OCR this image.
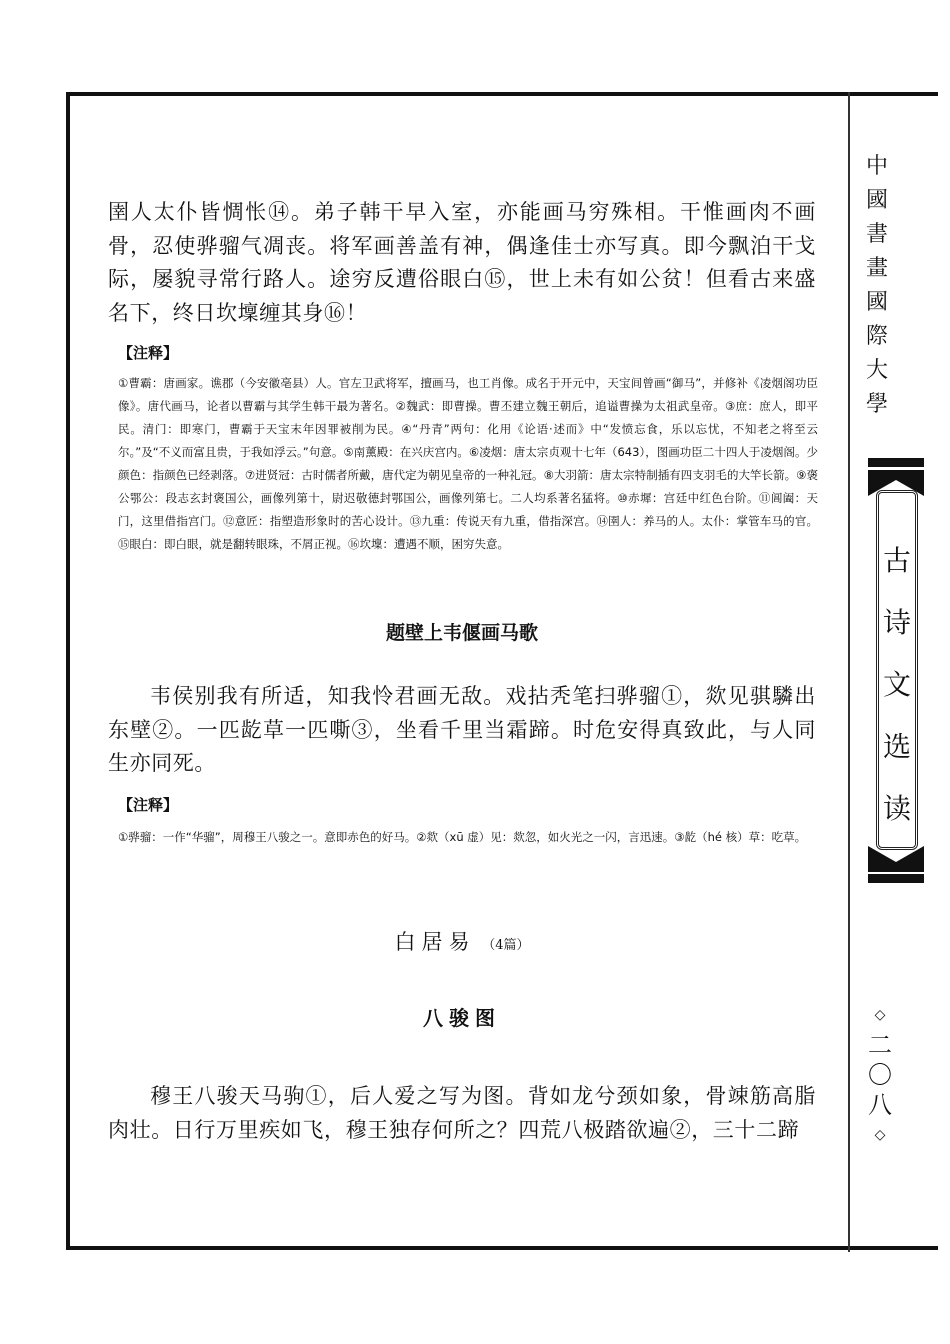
中
國
書
畫
國
際
大
學
古
诗
文
选
读
◇
二
〇
八
◇
圉人太仆皆惆怅⑭。弟子韩干早入室，亦能画马穷殊相。干惟画肉不画骨，忍使骅骝气凋丧。将军画善盖有神，偶逢佳士亦写真。即今飘泊干戈际，屡貌寻常行路人。途穷反遭俗眼白⑮，世上未有如公贫！但看古来盛名下，终日坎壈缠其身⑯！
【注释】
①曹霸：唐画家。谯郡（今安徽亳县）人。官左卫武将军，擅画马，也工肖像。成名于开元中，天宝间曾画“御马”，并修补《凌烟阁功臣像》。唐代画马，论者以曹霸与其学生韩干最为著名。②魏武：即曹操。曹丕建立魏王朝后，追谥曹操为太祖武皇帝。③庶：庶人，即平民。清门：即寒门，曹霸于天宝末年因罪被削为民。④“丹青”两句：化用《论语·述而》中“发愤忘食，乐以忘忧，不知老之将至云尔。”及“不义而富且贵，于我如浮云。”句意。⑤南薰殿：在兴庆宫内。⑥凌烟：唐太宗贞观十七年（643），图画功臣二十四人于凌烟阁。少颜色：指颜色已经剥落。⑦进贤冠：古时儒者所戴，唐代定为朝见皇帝的一种礼冠。⑧大羽箭：唐太宗特制插有四支羽毛的大竿长箭。⑨褒公鄂公：段志玄封褒国公，画像列第十，尉迟敬德封鄂国公，画像列第七。二人均系著名猛将。⑩赤墀：宫廷中红色台阶。⑪阊阖：天门，这里借指宫门。⑫意匠：指塑造形象时的苦心设计。⑬九重：传说天有九重，借指深宫。⑭圉人：养马的人。太仆：掌管车马的官。⑮眼白：即白眼，就是翻转眼珠，不屑正视。⑯坎壈：遭遇不顺，困穷失意。
题壁上韦偃画马歌
韦侯别我有所适，知我怜君画无敌。戏拈秃笔扫骅骝①，欻见骐驎出东壁②。一匹龁草一匹嘶③，坐看千里当霜蹄。时危安得真致此，与人同生亦同死。
【注释】
①骅骝：一作“华骝”，周穆王八骏之一。意即赤色的好马。②欻（xū 虚）见：欻忽，如火光之一闪，言迅速。③龁（hé 核）草：吃草。
白居易 （4篇）
八骏图
穆王八骏天马驹①，后人爱之写为图。背如龙兮颈如象，骨竦筋高脂肉壮。日行万里疾如飞，穆王独存何所之？四荒八极踏欲遍②，三十二蹄
